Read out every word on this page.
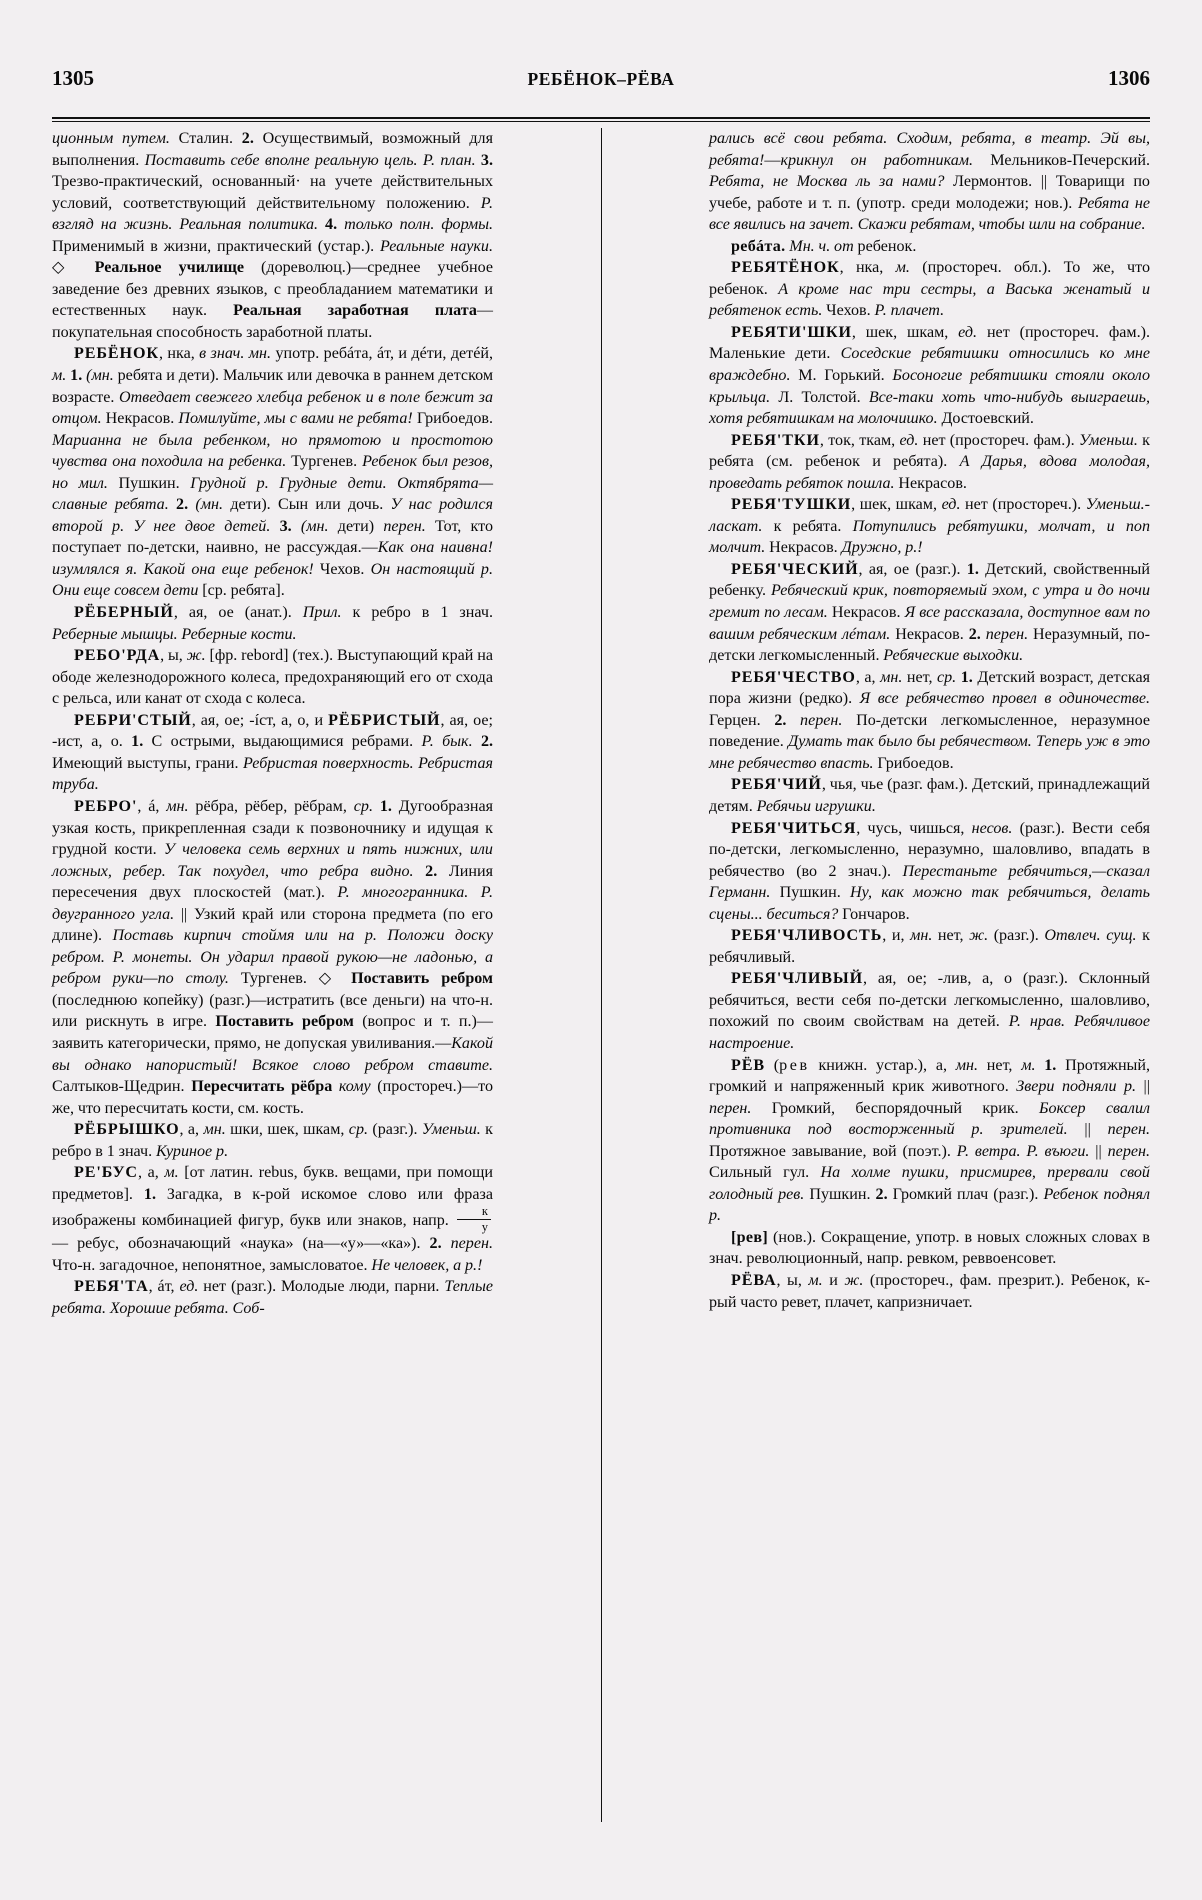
1305	РЕБЁНОК–РЁВА	1306

ционным путем. Сталин. 2. Осуществимый, возможный для выполнения. Поставить себе вполне реальную цель. Р. план. 3. Трезво-практический, основанный· на учете действительных условий, соответствующий действительному положению. Р. взгляд на жизнь. Реальная политика. 4. только полн. формы. Применимый в жизни, практический (устар.). Реальные науки. ◇ Реальное училище (дореволюц.)—среднее учебное заведение без древних языков, с преобладанием математики и естественных наук. Реальная заработная плата—покупательная способность заработной платы.

РЕБЁНОК, нка, в знач. мн. употр. ребáта, áт, и дéти, детéй, м. 1. (мн. ребята и дети). Мальчик или девочка в раннем детском возрасте. Отведает свежего хлебца ребенок и в поле бежит за отцом. Некрасов. Помилуйте, мы с вами не ребята! Грибоедов. Марианна не была ребенком, но прямотою и простотою чувства она походила на ребенка. Тургенев. Ребенок был резов, но мил. Пушкин. Грудной р. Грудные дети. Октябрята—славные ребята. 2. (мн. дети). Сын или дочь. У нас родился второй р. У нее двое детей. 3. (мн. дети) перен. Тот, кто поступает по-детски, наивно, не рассуждая.—Как она наивна! изумлялся я. Какой она еще ребенок! Чехов. Он настоящий р. Они еще совсем дети [ср. ребята].

РЁБЕРНЫЙ, ая, ое (анат.). Прил. к ребро в 1 знач. Реберные мышцы. Реберные кости.

РЕБО'РДА, ы, ж. [фр. rebord] (тех.). Выступающий край на ободе железнодорожного колеса, предохраняющий его от схода с рельса, или канат от схода с колеса.

РЕБРИ'СТЫЙ, ая, ое; -íст, а, о, и РЁБРИСТЫЙ, ая, ое; -ист, а, о. 1. С острыми, выдающимися ребрами. Р. бык. 2. Имеющий выступы, грани. Ребристая поверхность. Ребристая труба.

РЕБРО', á, мн. рёбра, рёбер, рёбрам, ср. 1. Дугообразная узкая кость, прикрепленная сзади к позвоночнику и идущая к грудной кости. У человека семь верхних и пять нижних, или ложных, ребер. Так похудел, что ребра видно. 2. Линия пересечения двух плоскостей (мат.). Р. многогранника. Р. двугранного угла. || Узкий край или сторона предмета (по его длине). Поставь кирпич стоймя или на р. Положи доску ребром. Р. монеты. Он ударил правой рукою—не ладонью, а ребром руки—по столу. Тургенев. ◇ Поставить ребром (последнюю копейку) (разг.)—истратить (все деньги) на что-н. или рискнуть в игре. Поставить ребром (вопрос и т. п.)—заявить категорически, прямо, не допуская увиливания.—Какой вы однако напористый! Всякое слово ребром ставите. Салтыков-Щедрин. Пересчитать рёбра кому (простореч.)—то же, что пересчитать кости, см. кость.

РЁБРЫШКО, а, мн. шки, шек, шкам, ср. (разг.). Уменьш. к ребро в 1 знач. Куриное р.

РЕ'БУС, а, м. [от латин. rebus, букв. вещами, при помощи предметов]. 1. Загадка, в к-рой искомое слово или фраза изображены комбинацией фигур, букв или знаков, напр. $\frac{к}{у}$
— ребус, обозначающий «наука» (на—«у»—«ка»). 2. перен. Что-н. загадочное, непонятное, замысловатое. Не человек, а р.!

РЕБЯ'ТА, áт, ед. нет (разг.). Молодые люди, парни. Теплые ребята. Хорошие ребята. Соб-

рались всё свои ребята. Сходим, ребята, в театр. Эй вы, ребята!—крикнул он работникам. Мельников-Печерский. Ребята, не Москва ль за нами? Лермонтов. || Товарищи по учебе, работе и т. п. (употр. среди молодежи; нов.). Ребята не все явились на зачет. Скажи ребятам, чтобы шли на собрание.

ребáта. Мн. ч. от ребенок.

РЕБЯТЁНОК, нка, м. (простореч. обл.). То же, что ребенок. А кроме нас три сестры, а Васька женатый и ребятенок есть. Чехов. Р. плачет.

РЕБЯТИ'ШКИ, шек, шкам, ед. нет (простореч. фам.). Маленькие дети. Соседские ребятишки относились ко мне враждебно. М. Горький. Босоногие ребятишки стояли около крыльца. Л. Толстой. Все-таки хоть что-нибудь выиграешь, хотя ребятишкам на молочишко. Достоевский.

РЕБЯ'ТКИ, ток, ткам, ед. нет (простореч. фам.). Уменьш. к ребята (см. ребенок и ребята). А Дарья, вдова молодая, проведать ребяток пошла. Некрасов.

РЕБЯ'ТУШКИ, шек, шкам, ед. нет (простореч.). Уменьш.-ласкат. к ребята. Потупились ребятушки, молчат, и поп молчит. Некрасов. Дружно, р.!

РЕБЯ'ЧЕСКИЙ, ая, ое (разг.). 1. Детский, свойственный ребенку. Ребяческий крик, повторяемый эхом, с утра и до ночи гремит по лесам. Некрасов. Я все рассказала, доступное вам по вашим ребяческим лéтам. Некрасов. 2. перен. Неразумный, по-детски легкомысленный. Ребяческие выходки.

РЕБЯ'ЧЕСТВО, а, мн. нет, ср. 1. Детский возраст, детская пора жизни (редко). Я все ребячество провел в одиночестве. Герцен. 2. перен. По-детски легкомысленное, неразумное поведение. Думать так было бы ребячеством. Теперь уж в это мне ребячество впасть. Грибоедов.

РЕБЯ'ЧИЙ, чья, чье (разг. фам.). Детский, принадлежащий детям. Ребячьи игрушки.

РЕБЯ'ЧИТЬСЯ, чусь, чишься, несов. (разг.). Вести себя по-детски, легкомысленно, неразумно, шаловливо, впадать в ребячество (во 2 знач.). Перестаньте ребячиться,—сказал Германн. Пушкин. Ну, как можно так ребячиться, делать сцены... беситься? Гончаров.

РЕБЯ'ЧЛИВОСТЬ, и, мн. нет, ж. (разг.). Отвлеч. сущ. к ребячливый.

РЕБЯ'ЧЛИВЫЙ, ая, ое; -лив, а, о (разг.). Склонный ребячиться, вести себя по-детски легкомысленно, шаловливо, похожий по своим свойствам на детей. Р. нрав. Ребячливое настроение.

РЁВ (рев книжн. устар.), а, мн. нет, м. 1. Протяжный, громкий и напряженный крик животного. Звери подняли р. || перен. Громкий, беспорядочный крик. Боксер свалил противника под восторженный р. зрителей. || перен. Протяжное завывание, вой (поэт.). Р. ветра. Р. въюги. || перен. Сильный гул. На холме пушки, присмирев, прервали свой голодный рев. Пушкин. 2. Громкий плач (разг.). Ребенок поднял р.

[рев] (нов.). Сокращение, употр. в новых сложных словах в знач. революционный, напр. ревком, реввоенсовет.

РЁВА, ы, м. и ж. (простореч., фам. презрит.). Ребенок, к-рый часто ревет, плачет, капризничает.
